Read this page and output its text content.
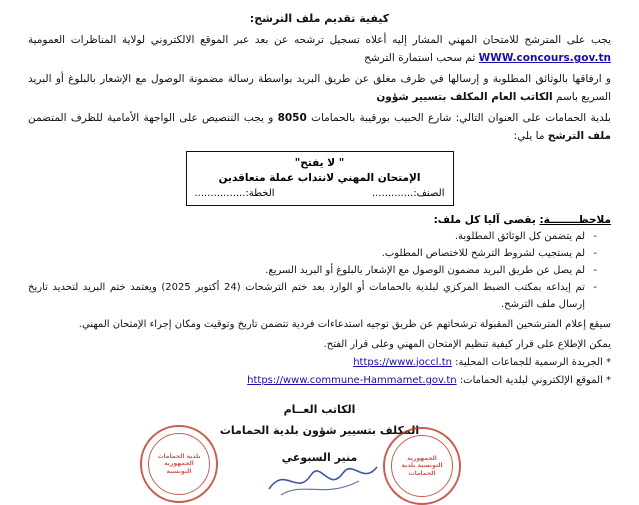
كيفية تقديم ملف الترشح:

يجب على المترشح للامتحان المهني المشار إليه أعلاه تسجيل ترشحه عن بعد عبر الموقع الالكتروني لولاية المناظرات العمومية WWW.concours.gov.tn ثم سحب استمارة الترشح

و ارفاقها بالوثائق المطلوبة و إرسالها في ظرف مغلق عن طريق البريد بواسطة رسالة مضمونة الوصول مع الإشعار بالبلوغ أو البريد السريع باسم الكاتب العام المكلف بتسيير شؤون

بلدية الحمامات على العنوان التالي: شارع الحبيب بورقيبة بالحمامات 8050 و يجب التنصيص على الواجهة الأمامية للظرف المتضمن ملف الترشح ما يلي:

" لا يفتح"
الإمتحان المهني لانتداب عملة متعاقدين
الصنف:.............
الخطة:................
ملاحظــــــــة: يقصى آليا كل ملف:
- لم يتضمن كل الوثائق المطلوبة.
- لم يستجيب لشروط الترشح للاختصاص المطلوب.
- لم يصل عن طريق البريد مضمون الوصول مع الإشعار بالبلوغ أو البريد السريع.
- تم إيداعه بمكتب الضبط المركزي لبلدية بالحمامات أو الوارد بعد ختم الترشحات (24 أكتوبر 2025) ويعتمد ختم البريد لتحديد تاريخ إرسال ملف الترشح.

سيقع إعلام المترشحين المقبولة ترشحاتهم عن طريق توجيه استدعاءات فردية تتضمن تاريخ وتوقيت ومكان إجراء الإمتحان المهني.

يمكن الإطلاع على قرار كيفية تنظيم الإمتحان المهني وعلى قرار الفتح.

* الجريدة الرسمية للجماعات المحلية: https://www.joccl.tn

* الموقع الإلكتروني لبلدية الحمامات: https://www.commune-Hammamet.gov.tn

الكاتب العــام
المكلف بتسيير شؤون بلدية الحمامات
منير السبوعي
بلدية الحمامات الجمهورية التونسية
الجمهورية التونسية بلدية الحمامات
